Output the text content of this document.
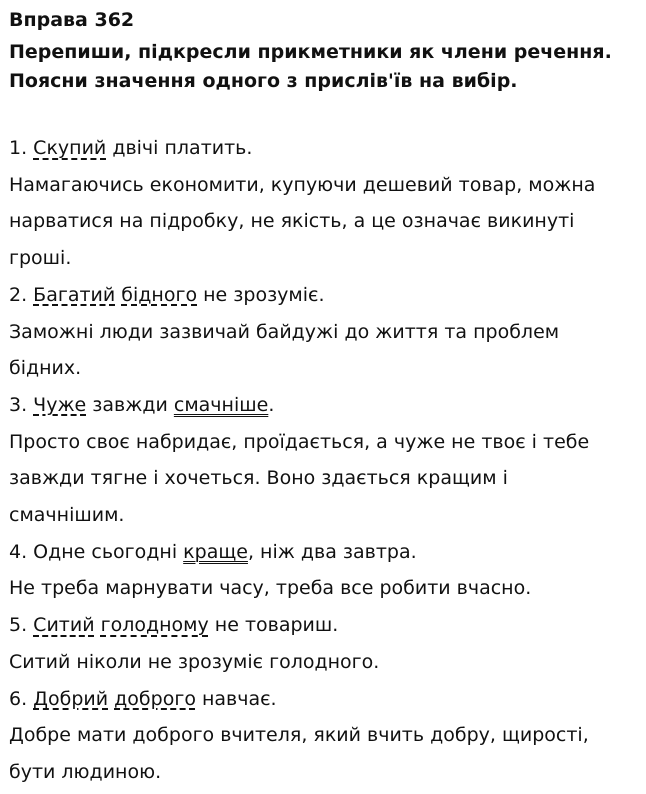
Вправа 362
Перепиши, підкресли прикметники як члени речення.
Поясни значення одного з прислів'їв на вибір.
1. Скупий двічі платить.
Намагаючись економити, купуючи дешевий товар, можна
нарватися на підробку, не якість, а це означає викинуті
гроші.
2. Багатий бідного не зрозуміє.
Заможні люди зазвичай байдужі до життя та проблем
бідних.
3. Чуже завжди смачніше.
Просто своє набридає, проїдається, а чуже не твоє і тебе
завжди тягне і хочеться. Воно здається кращим і
смачнішим.
4. Одне сьогодні краще, ніж два завтра.
Не треба марнувати часу, треба все робити вчасно.
5. Ситий голодному не товариш.
Ситий ніколи не зрозуміє голодного.
6. Добрий доброго навчає.
Добре мати доброго вчителя, який вчить добру, щирості,
бути людиною.
